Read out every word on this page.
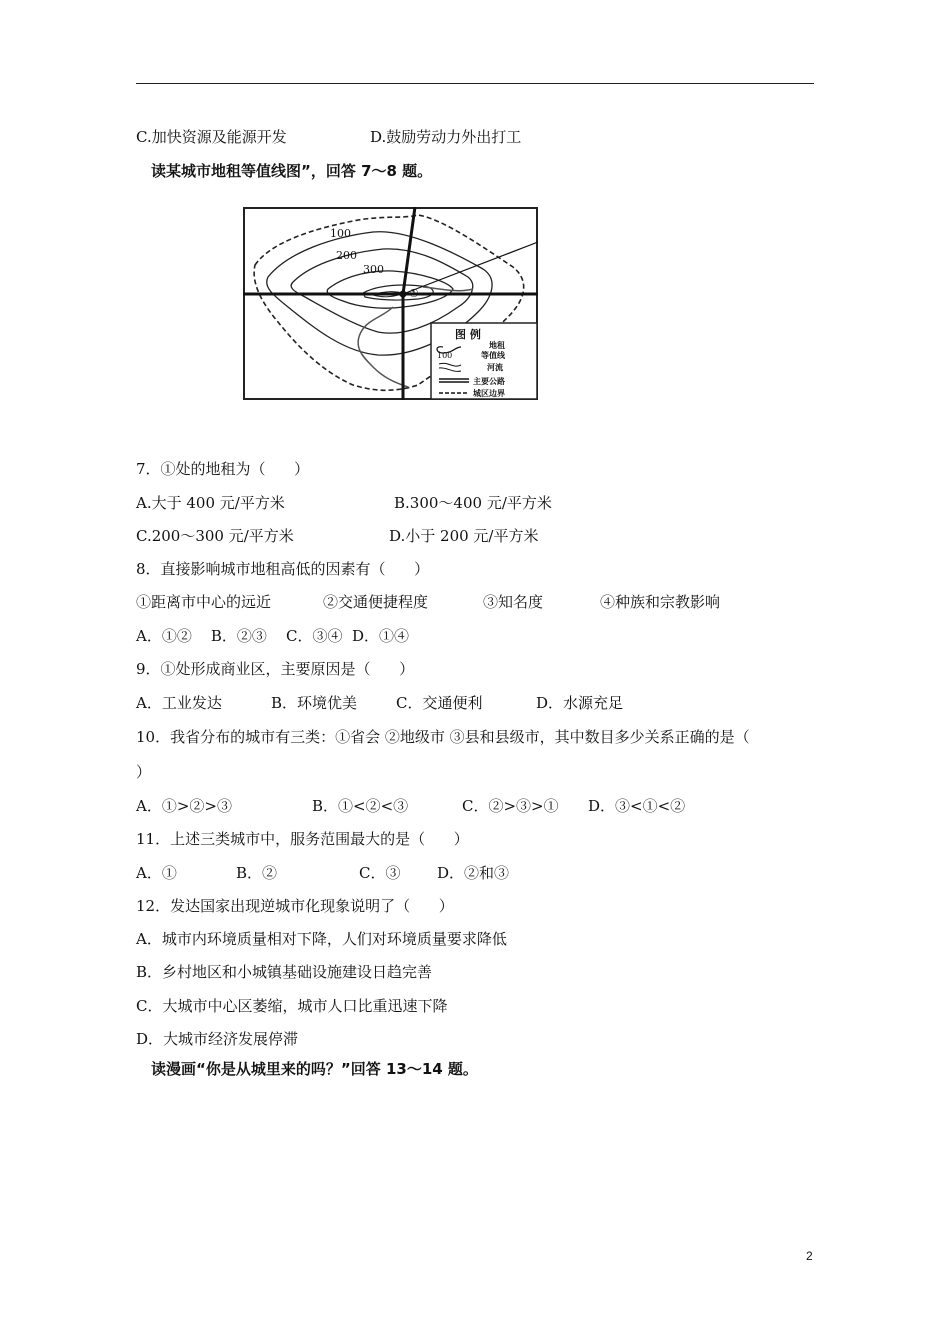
C.加快资源及能源开发

	D.鼓励劳动力外出打工

读某城市地租等值线图”，回答 7～8 题。
100
200
300
①
图 例
100
地租
等值线
河流
主要公路
城区边界
7．①处的地租为（      ）

A.大于 400 元/平方米

	B.300～400 元/平方米

C.200～300 元/平方米

	D.小于 200 元/平方米

8．直接影响城市地租高低的因素有（      ）

①距离市中心的远近

	②交通便捷程度

	③知名度

	④种族和宗教影响

A．①②    B．②③    C．③④  D．①④
9．①处形成商业区，主要原因是（      ）

A．工业发达

	B．环境优美

	C．交通便利

	D．水源充足

10．我省分布的城市有三类：①省会 ②地级市 ③县和县级市，其中数目多少关系正确的是（
）

A．①>②>③

	B．①<②<③

	C．②>③>①

D．③<①<②

11．上述三类城市中，服务范围最大的是（      ）

A．①

	B．②

	C．③

D．②和③

12．发达国家出现逆城市化现象说明了（      ）
A．城市内环境质量相对下降，人们对环境质量要求降低
B．乡村地区和小城镇基础设施建设日趋完善
C．大城市中心区萎缩，城市人口比重迅速下降
D．大城市经济发展停滞
读漫画“你是从城里来的吗？”回答 13～14 题。
2
